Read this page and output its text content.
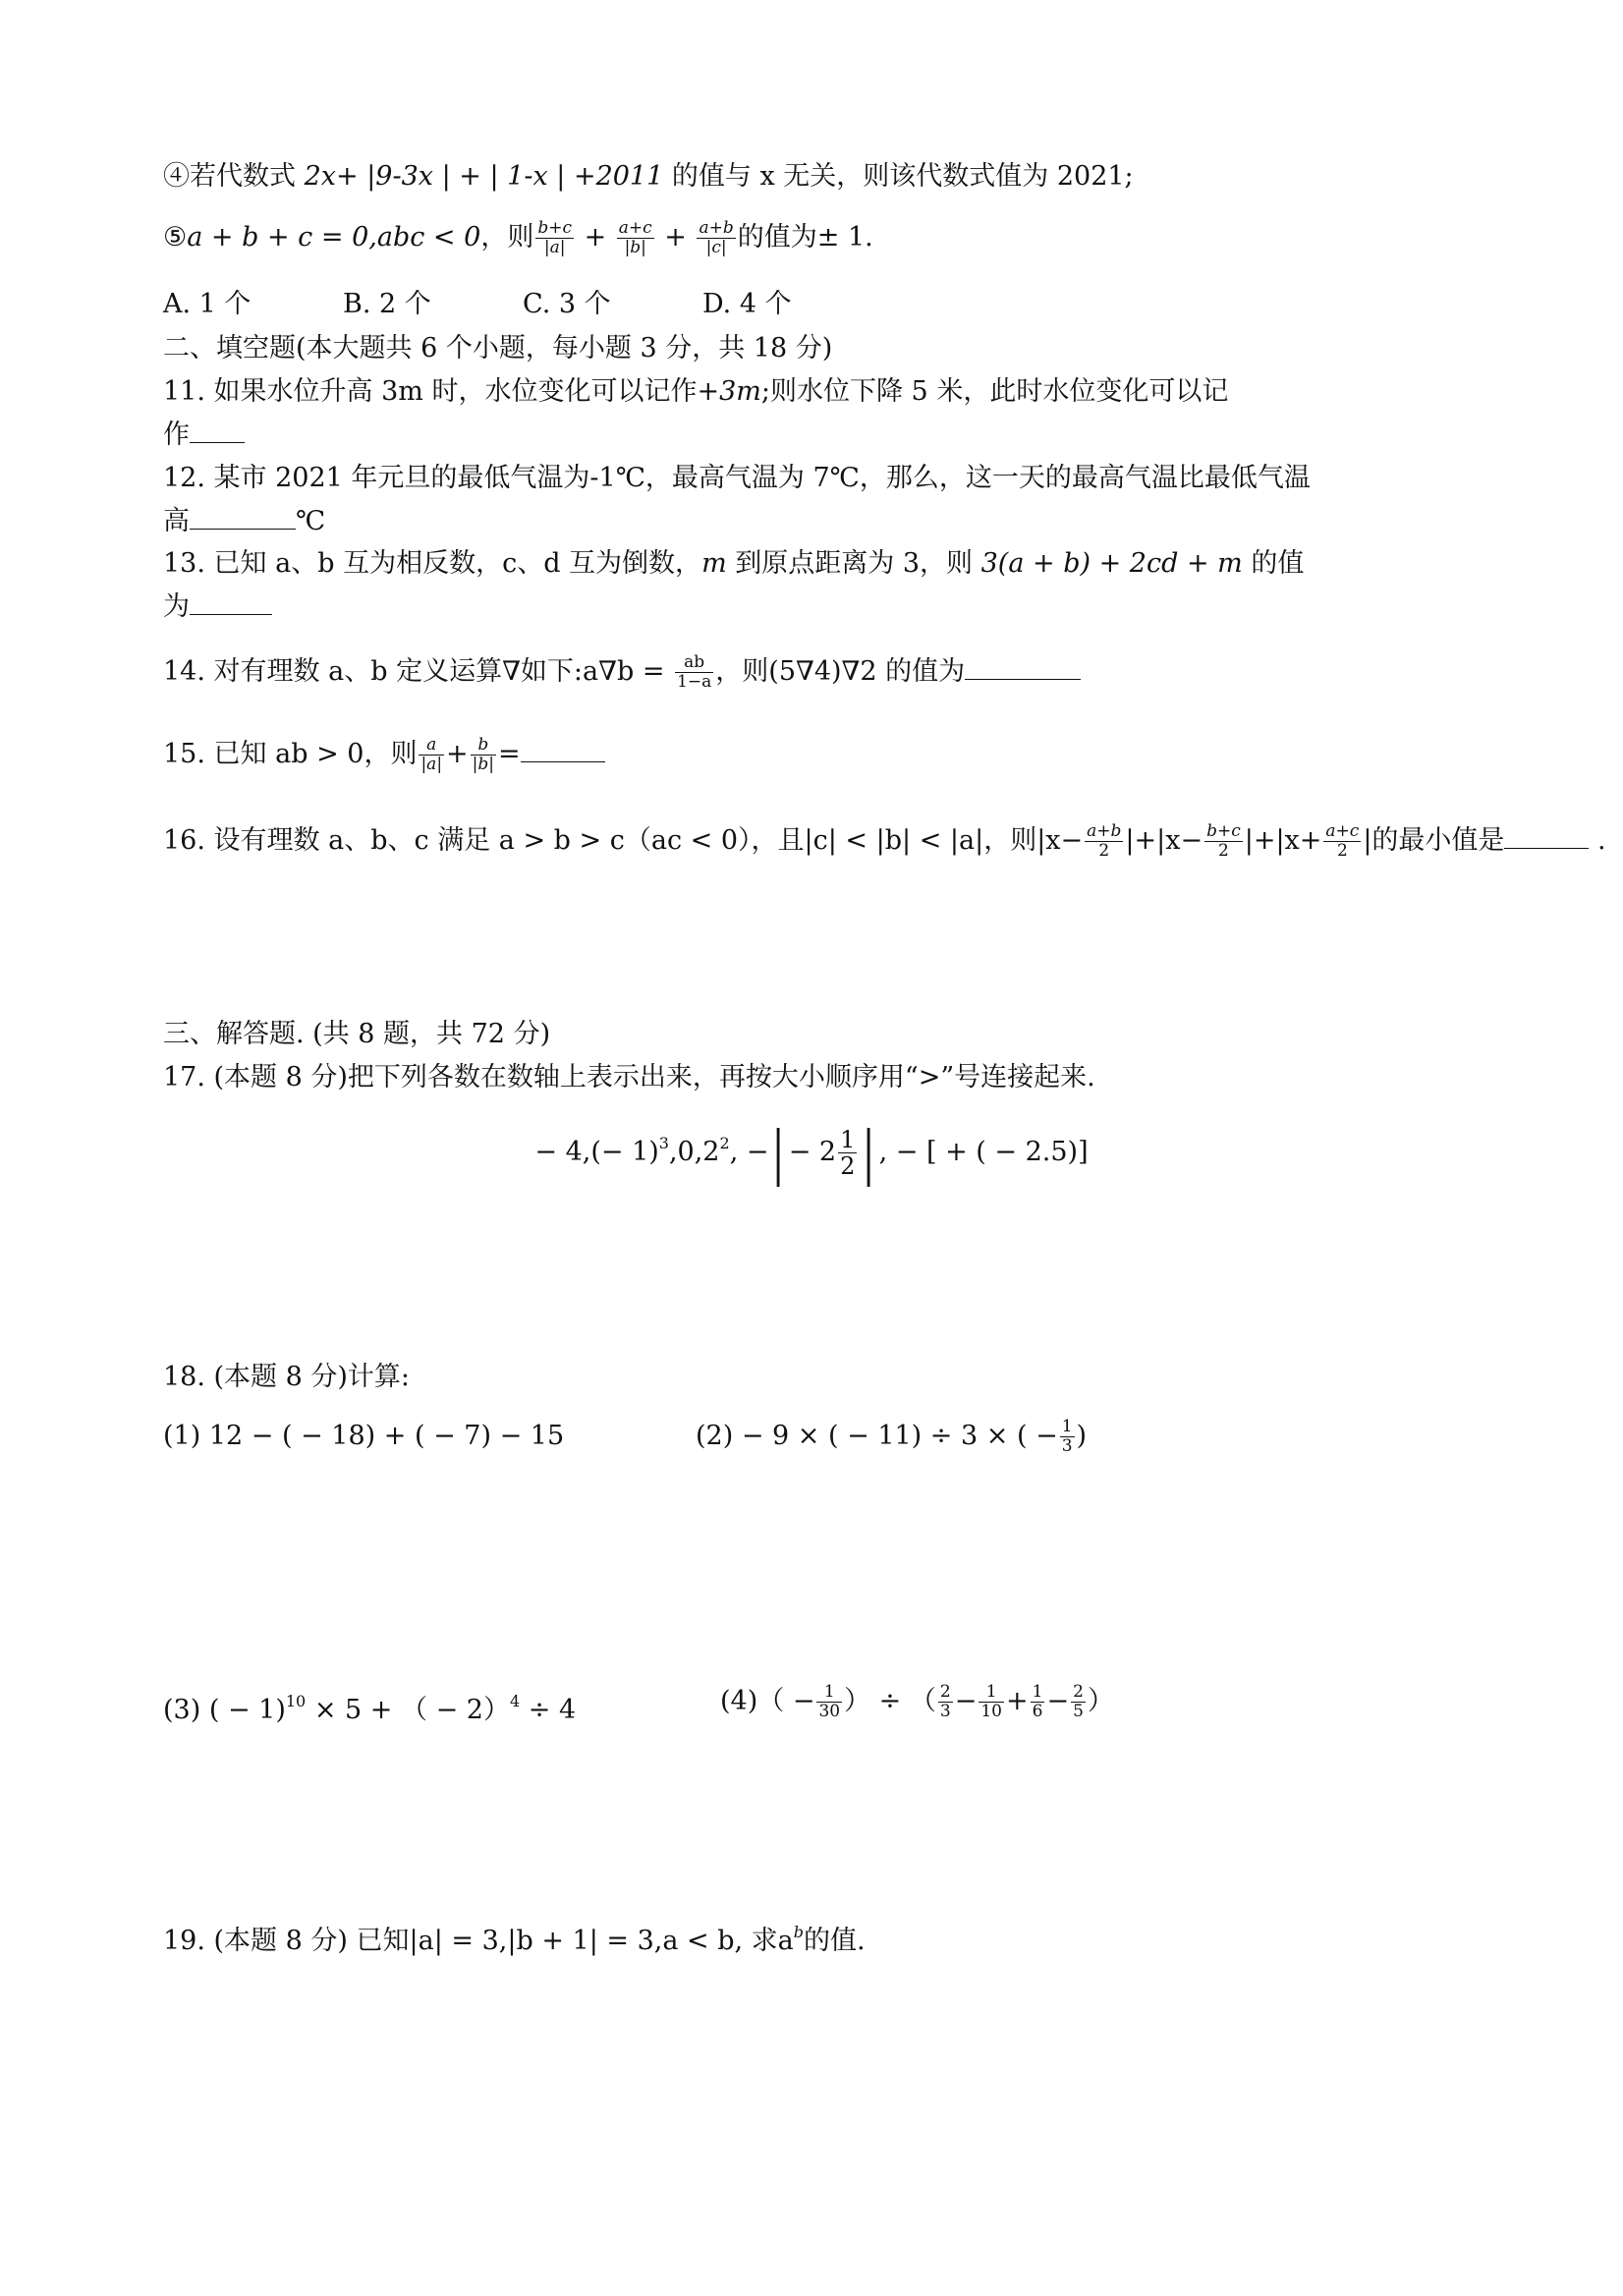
④若代数式 2x+ |9-3x | + | 1-x | +2011 的值与 x 无关，则该代数式值为 2021;
⑤a + b + c = 0,abc < 0，则 $\frac{b+c}{|a|} + \frac{a+c}{|b|} + \frac{a+b}{|c|}$ 的值为± 1.
A. 1 个	B. 2 个	C. 3 个	D. 4 个
二、填空题(本大题共 6 个小题，每小题 3 分，共 18 分)
11. 如果水位升高 3m 时，水位变化可以记作+3m;则水位下降 5 米，此时水位变化可以记
作
12. 某市 2021 年元旦的最低气温为-1℃，最高气温为 7℃，那么，这一天的最高气温比最低气温
高	℃
13. 已知 a、b 互为相反数，c、d 互为倒数，m 到原点距离为 3，则 3(a + b) + 2cd + m 的值
为
14. 对有理数 a、b 定义运算∇如下:a∇b = $\frac{ab}{1-a}$ ，则(5∇4)∇2 的值为
15. 已知 ab > 0，则 $\frac{a}{|a|} + \frac{b}{|b|}$ =
16. 设有理数 a、b、c 满足 a > b > c（ac < 0），且|c| < |b| < |a|，则$|x- \frac{a+b}{2} |+|x- \frac{b+c}{2} |+|x+ \frac{a+c}{2}$ |的最小值是	.
三、解答题. (共 8 题，共 72 分)
17. (本题 8 分)把下列各数在数轴上表示出来，再按大小顺序用“>”号连接起来.
− $4,(- 1)^3,0,2^2$, −| − $2 \frac{1}{2}$ | , − [ + ( − 2.5)]
18. (本题 8 分)计算:
(1) 12 − ( − 18) + ( − 7) − 15	(2) − 9 × ( − 11) ÷ 3 × ( − $\frac{1}{3}$ )
(3) ( − 1)$^{10}$ × 5 + （ − 2）$^4$ ÷ 4	$(4)( - \frac{1}{30}$ ） ÷ （ $\frac{2}{3} - \frac{1}{10} + \frac{1}{6} - \frac{2}{5}$ ）
19. (本题 8 分) 已知|a| = 3,|b + 1| = 3,a < b, 求$a^b$的值.
